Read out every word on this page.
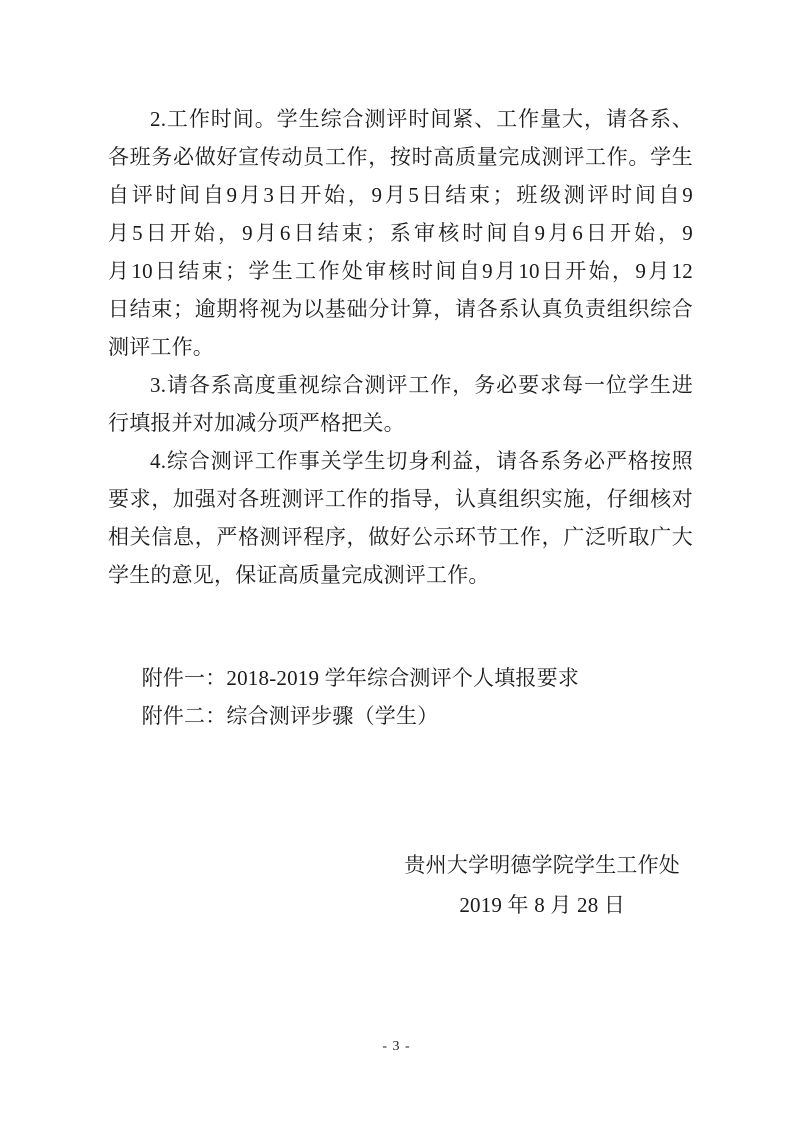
2.工作时间。学生综合测评时间紧、工作量大，请各系、
各班务必做好宣传动员工作，按时高质量完成测评工作。学生
自评时间自9月3日开始，9月5日结束；班级测评时间自9
月5日开始，9月6日结束；系审核时间自9月6日开始，9
月10日结束；学生工作处审核时间自9月10日开始，9月12
日结束；逾期将视为以基础分计算，请各系认真负责组织综合
测评工作。
3.请各系高度重视综合测评工作，务必要求每一位学生进
行填报并对加减分项严格把关。
4.综合测评工作事关学生切身利益，请各系务必严格按照
要求，加强对各班测评工作的指导，认真组织实施，仔细核对
相关信息，严格测评程序，做好公示环节工作，广泛听取广大
学生的意见，保证高质量完成测评工作。
附件一：2018-2019 学年综合测评个人填报要求
附件二：综合测评步骤（学生）
贵州大学明德学院学生工作处
2019 年 8 月 28 日
- 3 -
